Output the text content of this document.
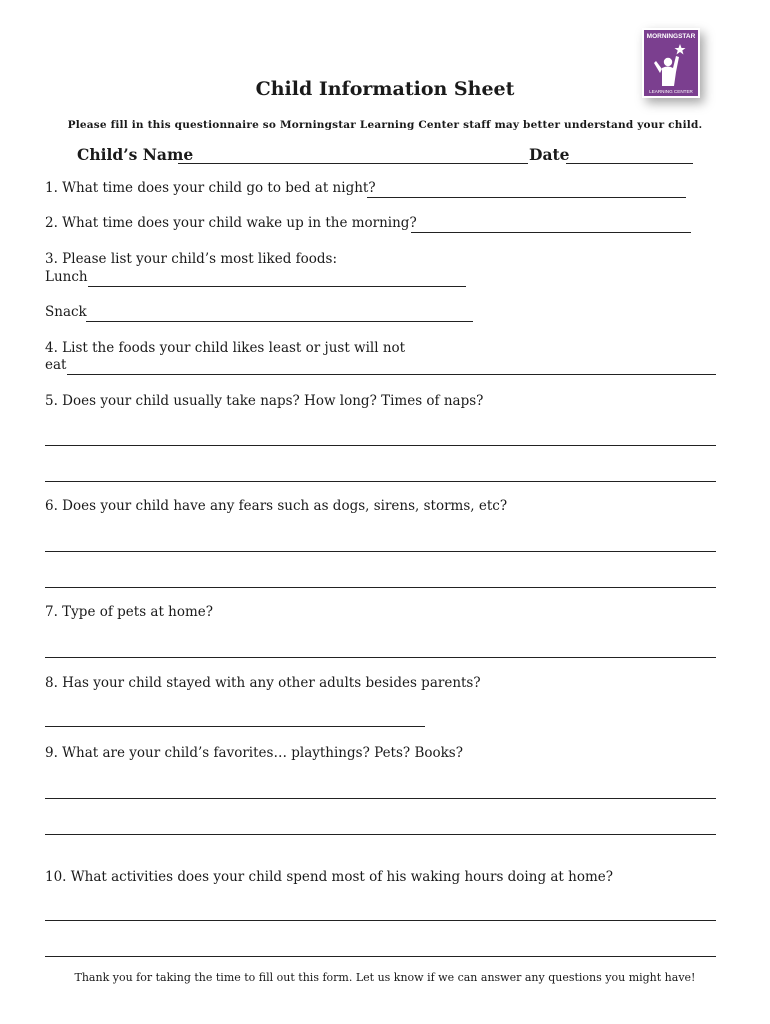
MORNINGSTAR
LEARNING CENTER
Child Information Sheet
Please fill in this questionnaire so Morningstar Learning Center staff may better understand your child.
Child’s Name	Date
1. What time does your child go to bed at night?
2. What time does your child wake up in the morning?
3. Please list your child’s most liked foods:
Lunch
Snack
4. List the foods your child likes least or just will not
eat
5. Does your child usually take naps? How long? Times of naps?
6. Does your child have any fears such as dogs, sirens, storms, etc?
7. Type of pets at home?
8. Has your child stayed with any other adults besides parents?
9. What are your child’s favorites… playthings? Pets? Books?
10. What activities does your child spend most of his waking hours doing at home?
Thank you for taking the time to fill out this form. Let us know if we can answer any questions you might have!
